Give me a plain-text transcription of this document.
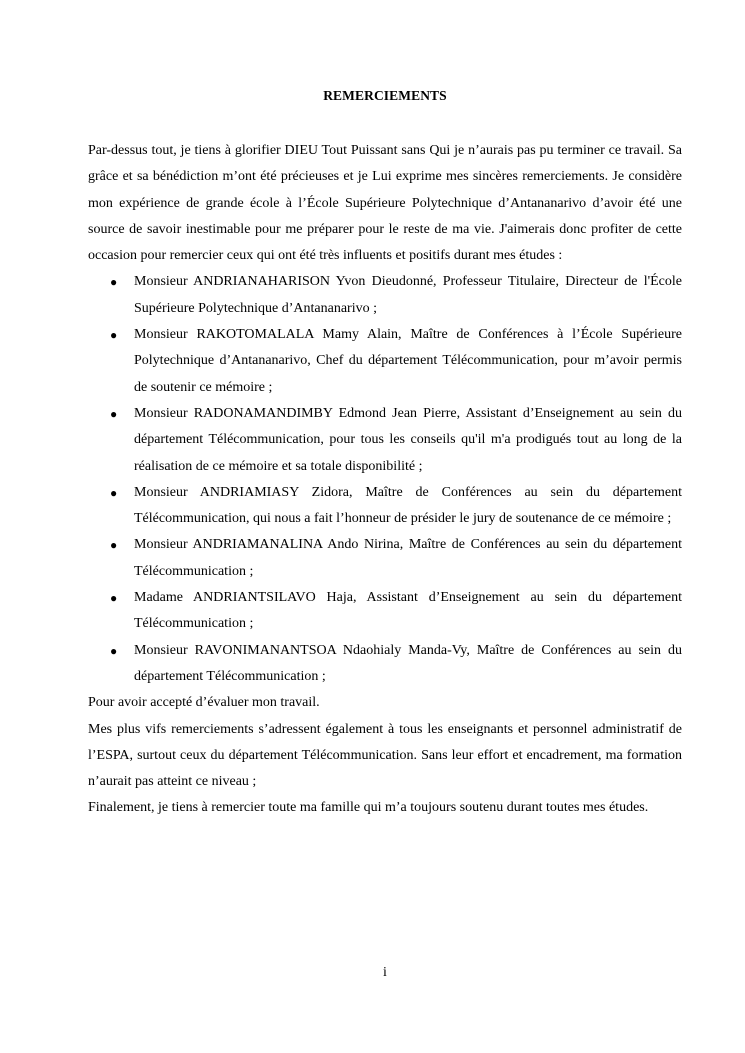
REMERCIEMENTS

Par-dessus tout, je tiens à glorifier DIEU Tout Puissant sans Qui je n’aurais pas pu terminer ce travail. Sa grâce et sa bénédiction m’ont été précieuses et je Lui exprime mes sincères remerciements. Je considère mon expérience de grande école à l’École Supérieure Polytechnique d’Antananarivo d’avoir été une source de savoir inestimable pour me préparer pour le reste de ma vie. J'aimerais donc profiter de cette occasion pour remercier ceux qui ont été très influents et positifs durant mes études :

● Monsieur ANDRIANAHARISON Yvon Dieudonné, Professeur Titulaire, Directeur de l'École Supérieure Polytechnique d’Antananarivo ;
● Monsieur RAKOTOMALALA Mamy Alain, Maître de Conférences à l’École Supérieure Polytechnique d’Antananarivo, Chef du département Télécommunication, pour m’avoir permis de soutenir ce mémoire ;
● Monsieur RADONAMANDIMBY Edmond Jean Pierre, Assistant d’Enseignement au sein du département Télécommunication, pour tous les conseils qu'il m'a prodigués tout au long de la réalisation de ce mémoire et sa totale disponibilité ;
● Monsieur ANDRIAMIASY Zidora, Maître de Conférences au sein du département Télécommunication, qui nous a fait l’honneur de présider le jury de soutenance de ce mémoire ;
● Monsieur ANDRIAMANALINA Ando Nirina, Maître de Conférences au sein du département Télécommunication ;
● Madame ANDRIANTSILAVO Haja, Assistant d’Enseignement au sein du département Télécommunication ;
● Monsieur RAVONIMANANTSOA Ndaohialy Manda-Vy, Maître de Conférences au sein du département Télécommunication ;

Pour avoir accepté d’évaluer mon travail.

Mes plus vifs remerciements s’adressent également à tous les enseignants et personnel administratif de l’ESPA, surtout ceux du département Télécommunication. Sans leur effort et encadrement, ma formation n’aurait pas atteint ce niveau ;

Finalement, je tiens à remercier toute ma famille qui m’a toujours soutenu durant toutes mes études.

i
